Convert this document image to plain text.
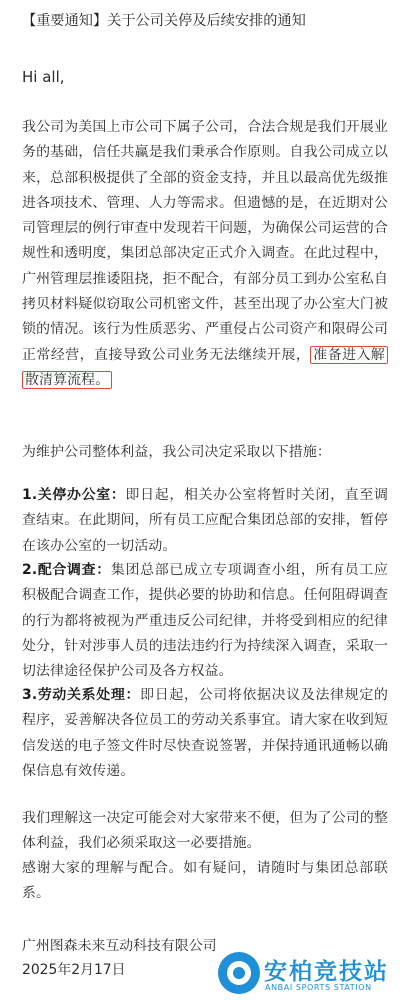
【重要通知】关于公司关停及后续安排的通知
Hi all,
我公司为美国上市公司下属子公司，合法合规是我们开展业务的基础，信任共赢是我们秉承合作原则。自我公司成立以来，总部积极提供了全部的资金支持，并且以最高优先级推进各项技术、管理、人力等需求。但遗憾的是，在近期对公司管理层的例行审查中发现若干问题，为确保公司运营的合规性和透明度，集团总部决定正式介入调查。在此过程中，广州管理层推诿阻挠，拒不配合，有部分员工到办公室私自拷贝材料疑似窃取公司机密文件，甚至出现了办公室大门被锁的情况。该行为性质恶劣、严重侵占公司资产和限碍公司正常经营，直接导致公司业务无法继续开展， 准备进入解散清算流程。
为维护公司整体利益，我公司决定采取以下措施：
1.关停办公室：即日起，相关办公室将暂时关闭，直至调查结束。在此期间，所有员工应配合集团总部的安排，暂停在该办公室的一切活动。
2.配合调查：集团总部已成立专项调查小组，所有员工应积极配合调查工作，提供必要的协助和信息。任何阻碍调查的行为都将被视为严重违反公司纪律，并将受到相应的纪律处分，针对涉事人员的违法违约行为持续深入调查，采取一切法律途径保护公司及各方权益。
3.劳动关系处理：即日起，公司将依据决议及法律规定的程序，妥善解决各位员工的劳动关系事宜。请大家在收到短信发送的电子签文件时尽快查说签署，并保持通讯通畅以确保信息有效传递。
我们理解这一决定可能会对大家带来不便，但为了公司的整体利益，我们必须采取这一必要措施。
感谢大家的理解与配合。如有疑问，请随时与集团总部联系。
广州图森未来互动科技有限公司
2025年2月17日	安柏竞技站
ANBAI SPORTS STATION
